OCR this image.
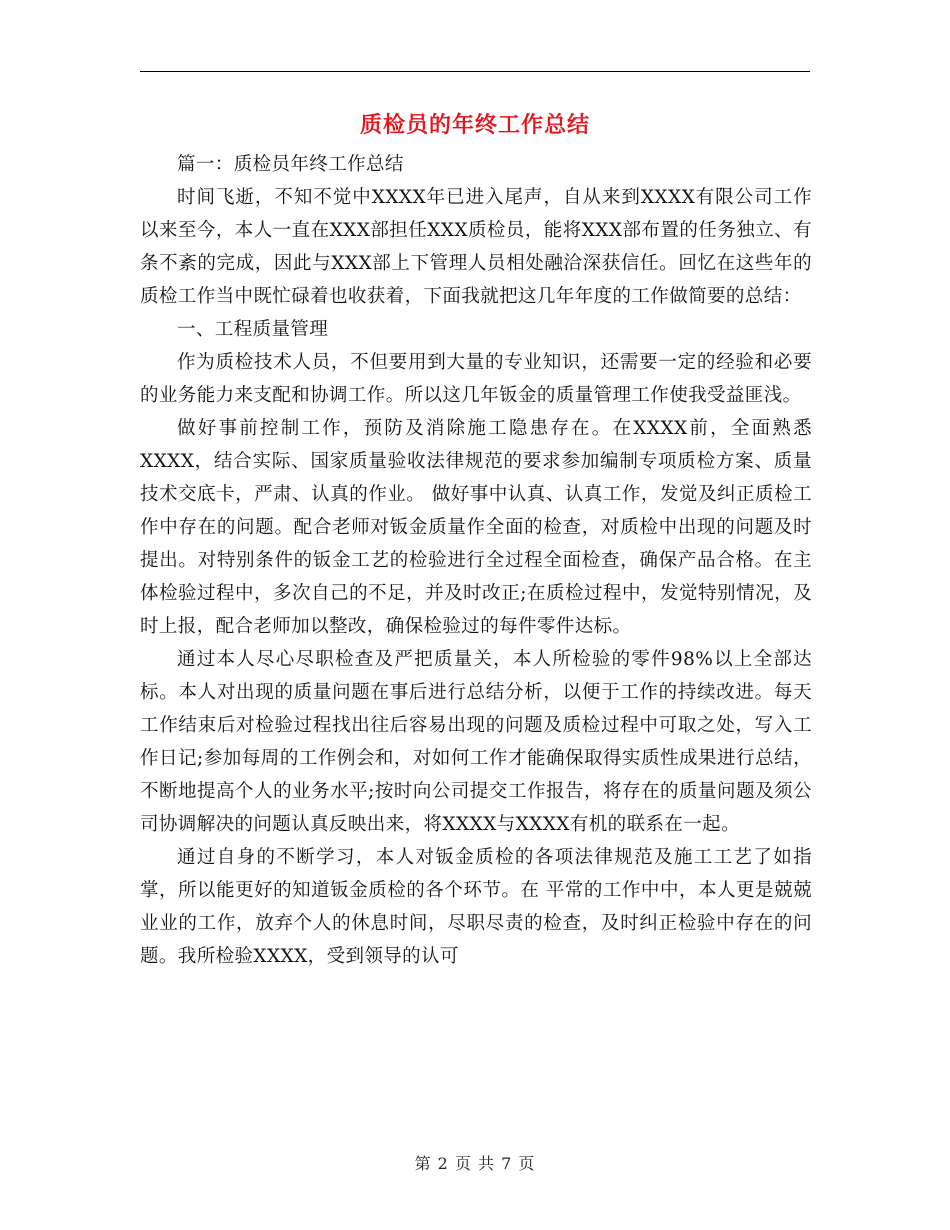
质检员的年终工作总结

篇一：质检员年终工作总结

时间飞逝，不知不觉中XXXX年已进入尾声，自从来到XXXX有限公司工作以来至今，本人一直在XXX部担任XXX质检员，能将XXX部布置的任务独立、有条不紊的完成，因此与XXX部上下管理人员相处融洽深获信任。回忆在这些年的质检工作当中既忙碌着也收获着，下面我就把这几年年度的工作做简要的总结：

一、工程质量管理

作为质检技术人员，不但要用到大量的专业知识，还需要一定的经验和必要的业务能力来支配和协调工作。所以这几年钣金的质量管理工作使我受益匪浅。

做好事前控制工作，预防及消除施工隐患存在。在XXXX前，全面熟悉XXXX，结合实际、国家质量验收法律规范的要求参加编制专项质检方案、质量技术交底卡，严肃、认真的作业。 做好事中认真、认真工作，发觉及纠正质检工作中存在的问题。配合老师对钣金质量作全面的检查，对质检中出现的问题及时提出。对特别条件的钣金工艺的检验进行全过程全面检查，确保产品合格。在主体检验过程中，多次自己的不足，并及时改正;在质检过程中，发觉特别情况，及时上报，配合老师加以整改，确保检验过的每件零件达标。

通过本人尽心尽职检查及严把质量关，本人所检验的零件98%以上全部达标。本人对出现的质量问题在事后进行总结分析，以便于工作的持续改进。每天工作结束后对检验过程找出往后容易出现的问题及质检过程中可取之处，写入工作日记;参加每周的工作例会和，对如何工作才能确保取得实质性成果进行总结，不断地提高个人的业务水平;按时向公司提交工作报告，将存在的质量问题及须公司协调解决的问题认真反映出来，将XXXX与XXXX有机的联系在一起。

通过自身的不断学习，本人对钣金质检的各项法律规范及施工工艺了如指掌，所以能更好的知道钣金质检的各个环节。在 平常的工作中中，本人更是兢兢业业的工作，放弃个人的休息时间，尽职尽责的检查，及时纠正检验中存在的问题。我所检验XXXX，受到领导的认可

第 2 页 共 7 页
